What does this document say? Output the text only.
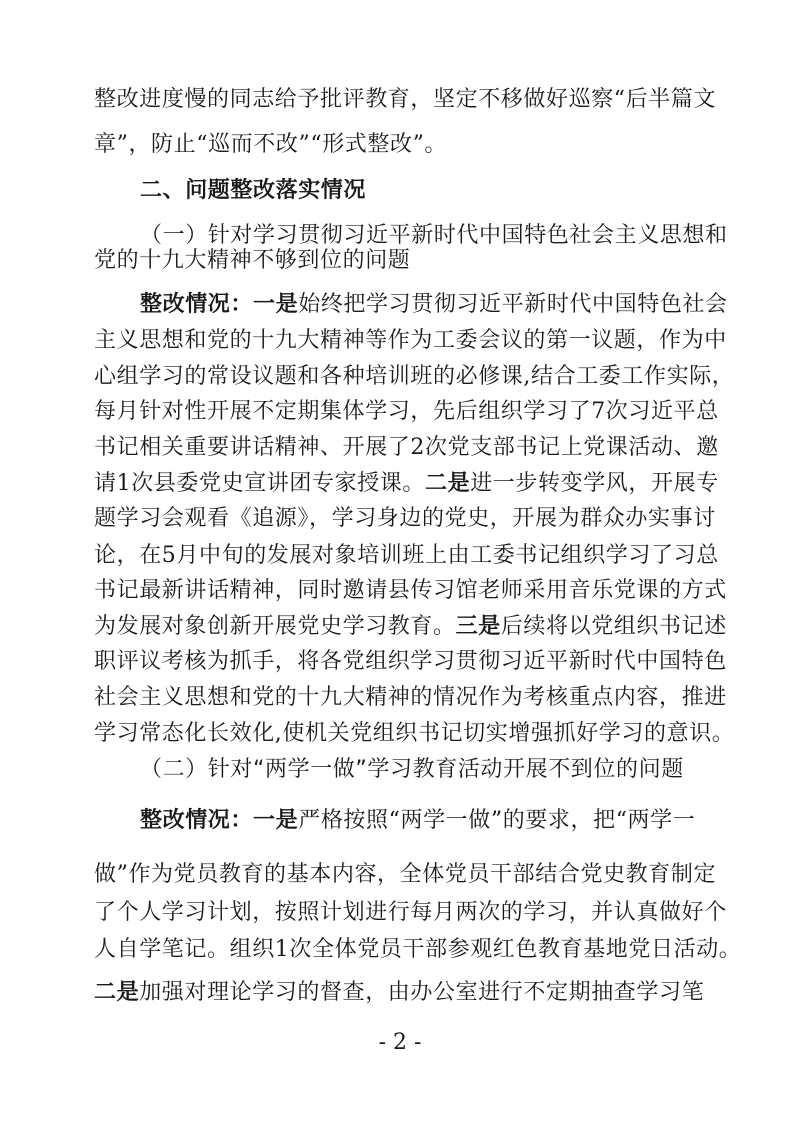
整改进度慢的同志给予批评教育，坚定不移做好巡察“后半篇文
章”，防止“巡而不改”“形式整改”。
二、问题整改落实情况
（一）针对学习贯彻习近平新时代中国特色社会主义思想和
党的十九大精神不够到位的问题
整改情况：一是始终把学习贯彻习近平新时代中国特色社会
主义思想和党的十九大精神等作为工委会议的第一议题，作为中
心组学习的常设议题和各种培训班的必修课,结合工委工作实际，
每月针对性开展不定期集体学习，先后组织学习了7次习近平总
书记相关重要讲话精神、开展了2次党支部书记上党课活动、邀
请1次县委党史宣讲团专家授课。二是进一步转变学风，开展专
题学习会观看《追源》，学习身边的党史，开展为群众办实事讨
论，在5月中旬的发展对象培训班上由工委书记组织学习了习总
书记最新讲话精神，同时邀请县传习馆老师采用音乐党课的方式
为发展对象创新开展党史学习教育。三是后续将以党组织书记述
职评议考核为抓手，将各党组织学习贯彻习近平新时代中国特色
社会主义思想和党的十九大精神的情况作为考核重点内容，推进
学习常态化长效化,使机关党组织书记切实增强抓好学习的意识。
（二）针对“两学一做”学习教育活动开展不到位的问题
整改情况：一是严格按照“两学一做”的要求，把“两学一
做”作为党员教育的基本内容，全体党员干部结合党史教育制定
了个人学习计划，按照计划进行每月两次的学习，并认真做好个
人自学笔记。组织1次全体党员干部参观红色教育基地党日活动。
二是加强对理论学习的督查，由办公室进行不定期抽查学习笔
- 2 -
